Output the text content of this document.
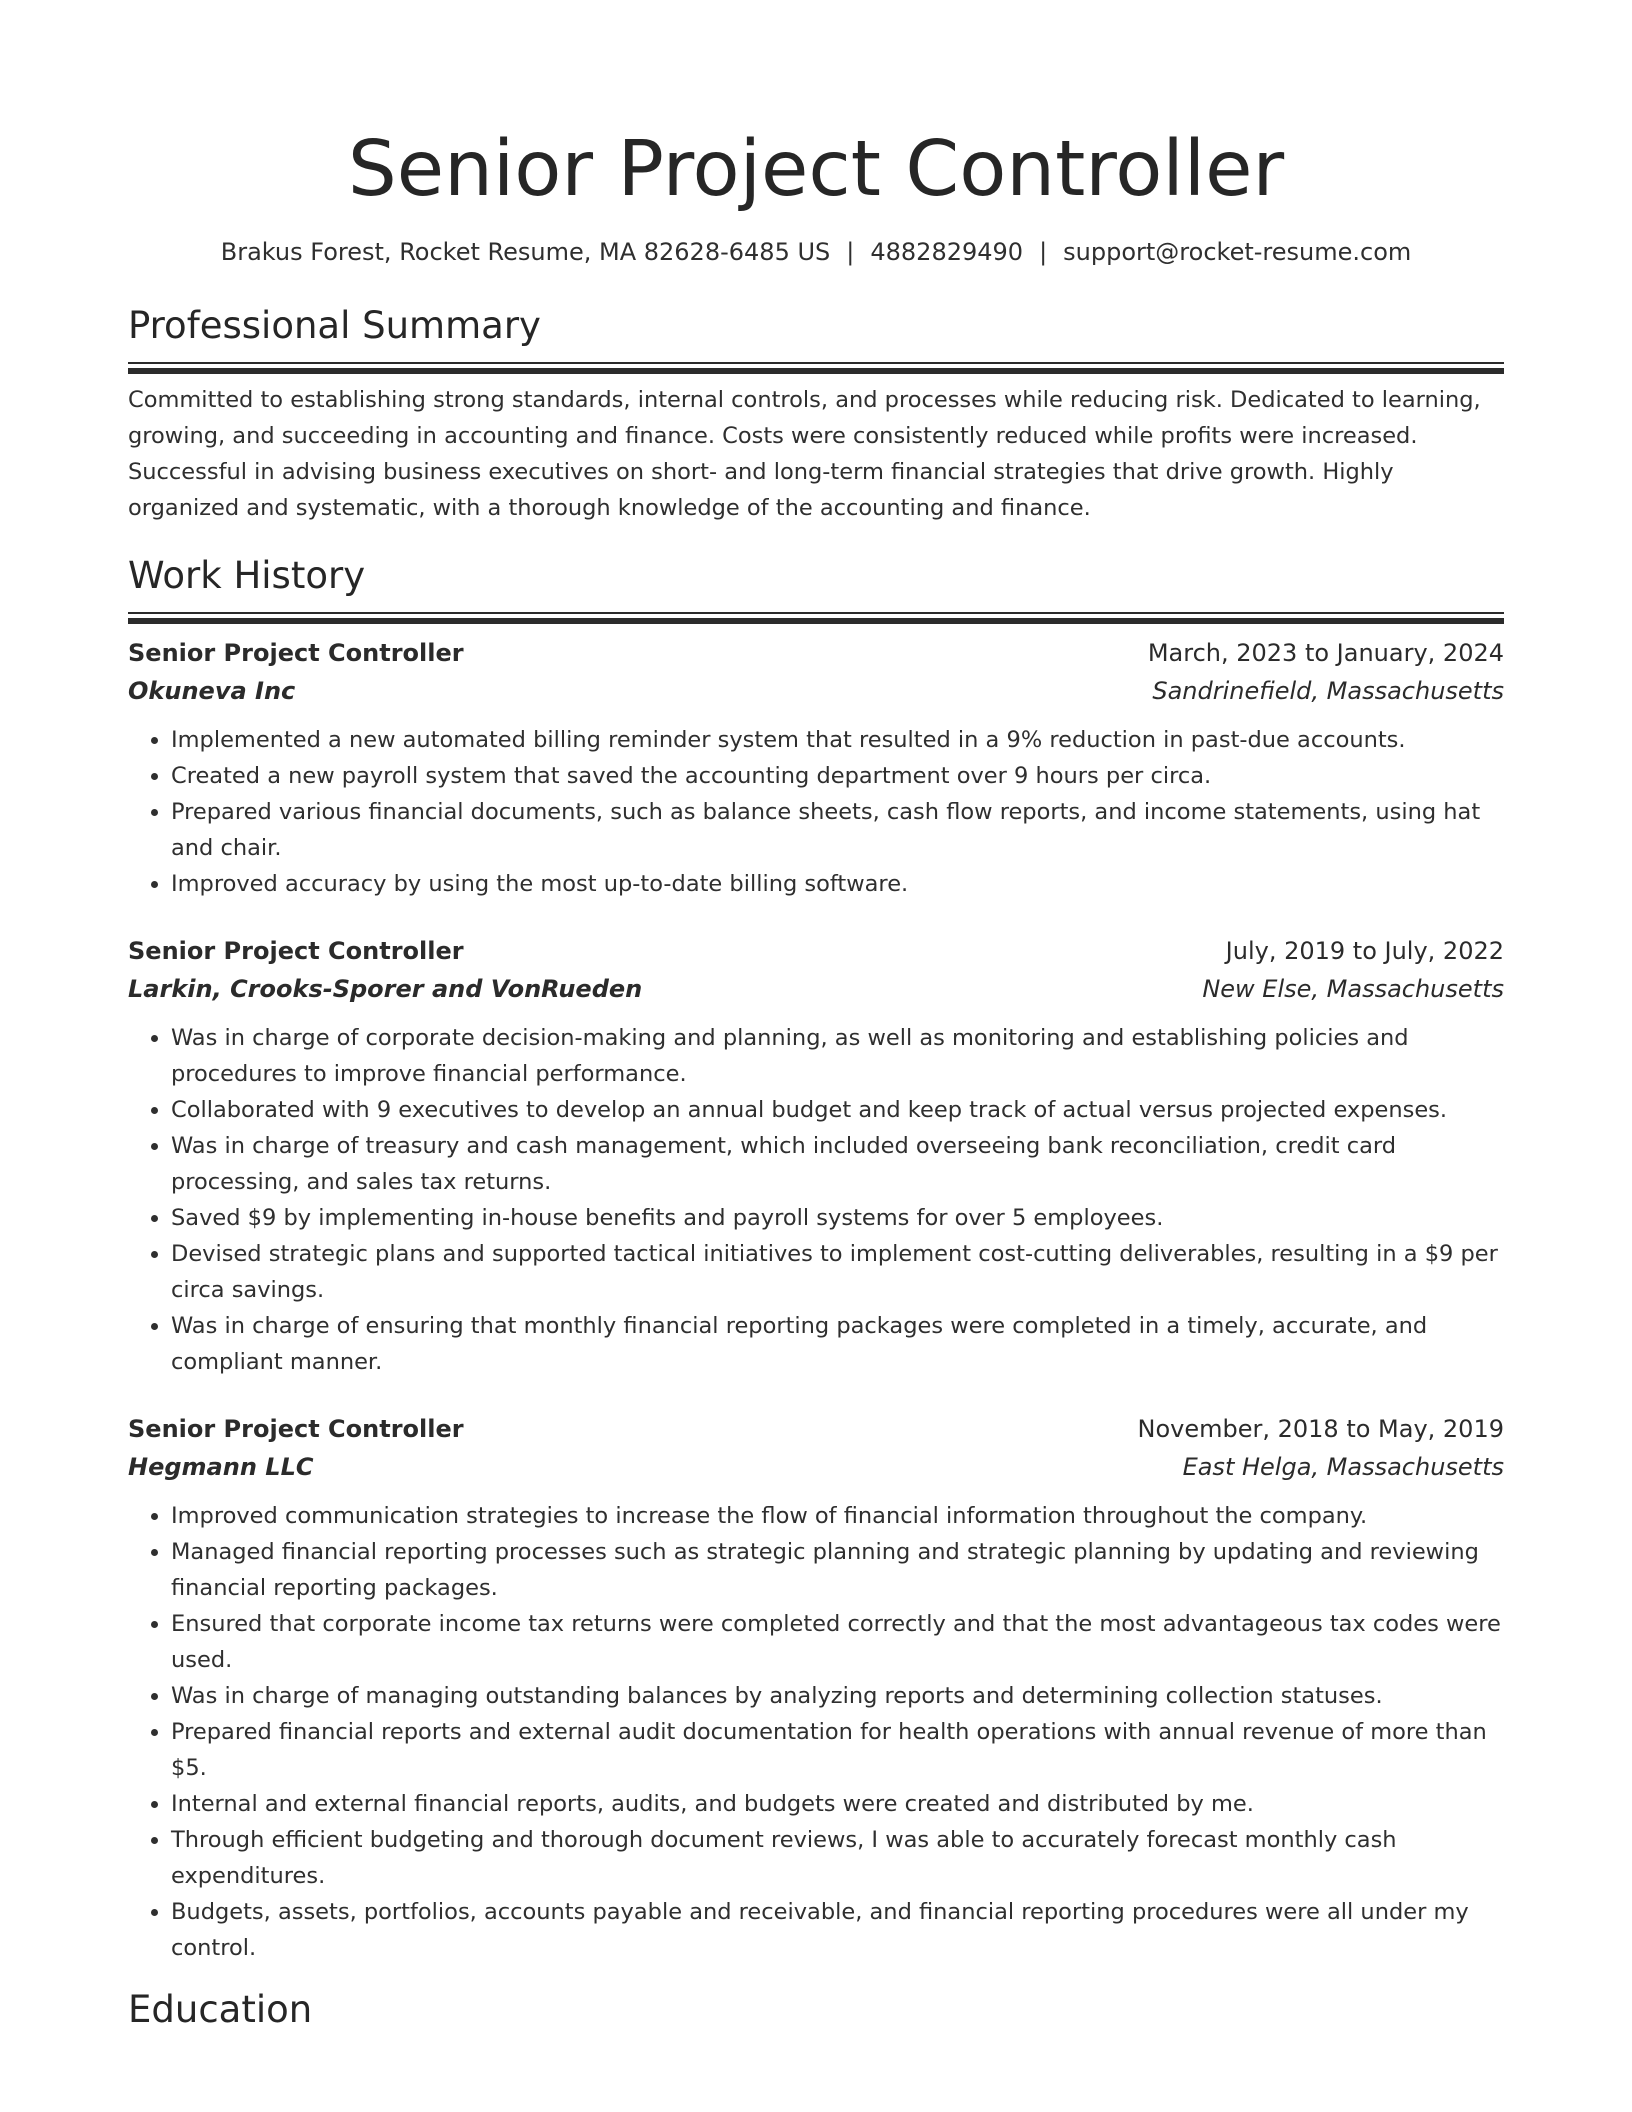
Senior Project Controller
Brakus Forest, Rocket Resume, MA 82628-6485 US | 4882829490 | support@rocket-resume.com
Professional Summary

Committed to establishing strong standards, internal controls, and processes while reducing risk. Dedicated to learning, growing, and succeeding in accounting and finance. Costs were consistently reduced while profits were increased. Successful in advising business executives on short- and long-term financial strategies that drive growth. Highly organized and systematic, with a thorough knowledge of the accounting and finance.

Work History
Senior Project Controller	March, 2023 to January, 2024
Okuneva Inc	Sandrinefield, Massachusetts
• Implemented a new automated billing reminder system that resulted in a 9% reduction in past-due accounts.
• Created a new payroll system that saved the accounting department over 9 hours per circa.
• Prepared various financial documents, such as balance sheets, cash flow reports, and income statements, using hat and chair.
• Improved accuracy by using the most up-to-date billing software.
Senior Project Controller	July, 2019 to July, 2022
Larkin, Crooks-Sporer and VonRueden	New Else, Massachusetts
• Was in charge of corporate decision-making and planning, as well as monitoring and establishing policies and procedures to improve financial performance.
• Collaborated with 9 executives to develop an annual budget and keep track of actual versus projected expenses.
• Was in charge of treasury and cash management, which included overseeing bank reconciliation, credit card processing, and sales tax returns.
• Saved $9 by implementing in-house benefits and payroll systems for over 5 employees.
• Devised strategic plans and supported tactical initiatives to implement cost-cutting deliverables, resulting in a $9 per circa savings.
• Was in charge of ensuring that monthly financial reporting packages were completed in a timely, accurate, and compliant manner.
Senior Project Controller	November, 2018 to May, 2019
Hegmann LLC	East Helga, Massachusetts
• Improved communication strategies to increase the flow of financial information throughout the company.
• Managed financial reporting processes such as strategic planning and strategic planning by updating and reviewing financial reporting packages.
• Ensured that corporate income tax returns were completed correctly and that the most advantageous tax codes were used.
• Was in charge of managing outstanding balances by analyzing reports and determining collection statuses.
• Prepared financial reports and external audit documentation for health operations with annual revenue of more than $5.
• Internal and external financial reports, audits, and budgets were created and distributed by me.
• Through efficient budgeting and thorough document reviews, I was able to accurately forecast monthly cash expenditures.
• Budgets, assets, portfolios, accounts payable and receivable, and financial reporting procedures were all under my control.
Education
